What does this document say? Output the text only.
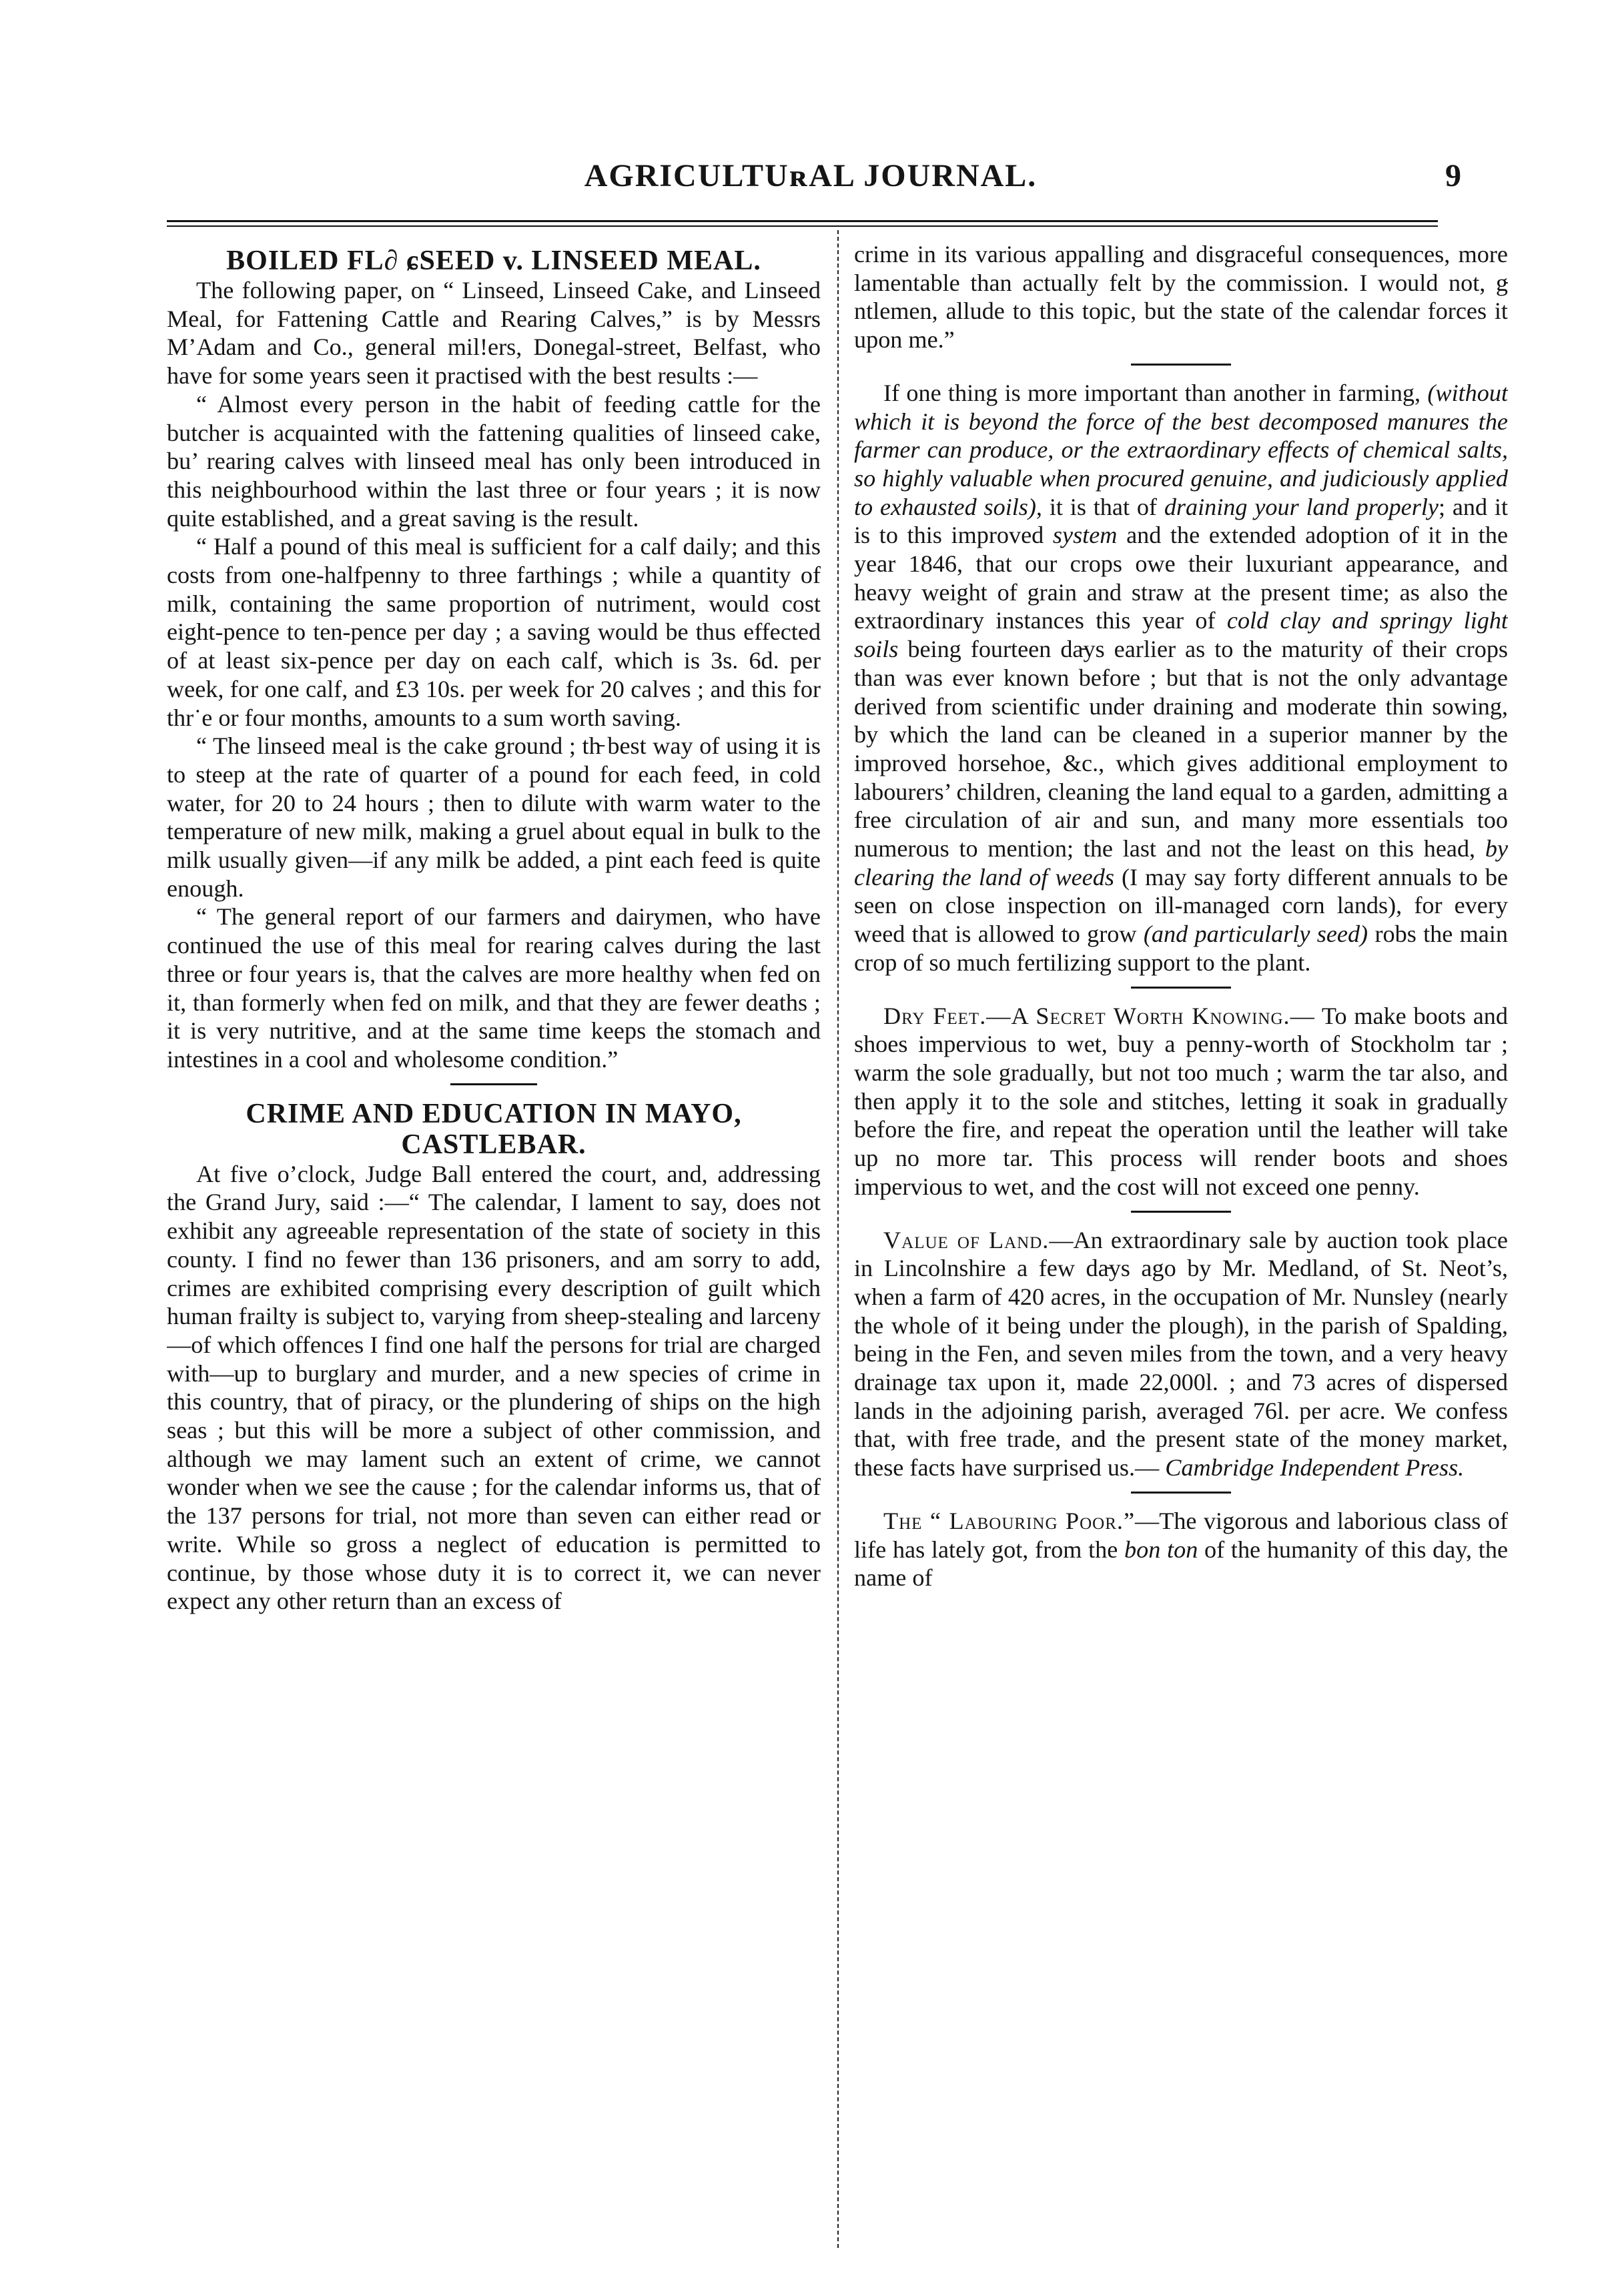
AGRICULTUʀAL JOURNAL.	9
BOILED FL∂ ɕSEED v. LINSEED MEAL.

The following paper, on “ Linseed, Linseed Cake, and Linseed Meal, for Fattening Cattle and Rearing Calves,” is by Messrs M’Adam and Co., general mil!ers, Donegal-street, Belfast, who have for some years seen it practised with the best results :—

“ Almost every person in the habit of feeding cattle for the butcher is acquainted with the fattening qualities of linseed cake, bu’ rearing calves with linseed meal has only been introduced in this neighbourhood within the last three or four years ; it is now quite established, and a great saving is the result.

“ Half a pound of this meal is sufficient for a calf daily; and this costs from one-halfpenny to three farthings ; while a quantity of milk, containing the same proportion of nutriment, would cost eight-pence to ten-pence per day ; a saving would be thus effected of at least six-pence per day on each calf, which is 3s. 6d. per week, for one calf, and £3 10s. per week for 20 calves ; and this for thr˙e or four months, amounts to a sum worth saving.

“ The linseed meal is the cake ground ; th̵ best way of using it is to steep at the rate of quarter of a pound for each feed, in cold water, for 20 to 24 hours ; then to dilute with warm water to the temperature of new milk, making a gruel about equal in bulk to the milk usually given—if any milk be added, a pint each feed is quite enough.

“ The general report of our farmers and dairymen, who have continued the use of this meal for rearing calves during the last three or four years is, that the calves are more healthy when fed on it, than formerly when fed on milk, and that they are fewer deaths ; it is very nutritive, and at the same time keeps the stomach and intestines in a cool and wholesome condition.”

CRIME AND EDUCATION IN MAYO, CASTLEBAR.

At five o’clock, Judge Ball entered the court, and, addressing the Grand Jury, said :—“ The calendar, I lament to say, does not exhibit any agreeable representation of the state of society in this county. I find no fewer than 136 prisoners, and am sorry to add, crimes are exhibited comprising every description of guilt which human frailty is subject to, varying from sheep-stealing and larceny—of which offences I find one half the persons for trial are charged with—up to burglary and murder, and a new species of crime in this country, that of piracy, or the plundering of ships on the high seas ; but this will be more a subject of other commission, and although we may lament such an extent of crime, we cannot wonder when we see the cause ; for the calendar informs us, that of the 137 persons for trial, not more than seven can either read or write. While so gross a neglect of education is permitted to continue, by those whose duty it is to correct it, we can never expect any other return than an excess of

crime in its various appalling and disgraceful consequences, more lamentable than actually felt by the commission. I would not, g̵ ntlemen, allude to this topic, but the state of the calendar forces it upon me.”

If one thing is more important than another in farming, (without which it is beyond the force of the best decomposed manures the farmer can produce, or the extraordinary effects of chemical salts, so highly valuable when procured genuine, and judiciously applied to exhausted soils), it is that of draining your land properly; and it is to this improved system and the extended adoption of it in the year 1846, that our crops owe their luxuriant appearance, and heavy weight of grain and straw at the present time; as also the extraordinary instances this year of cold clay and springy light soils being fourteen da̵ys earlier as to the maturity of their crops than was ever known before ; but that is not the only advantage derived from scientific under draining and moderate thin sowing, by which the land can be cleaned in a superior manner by the improved horsehoe, &c., which gives additional employment to labourers’ children, cleaning the land equal to a garden, admitting a free circulation of air and sun, and many more essentials too numerous to mention; the last and not the least on this head, by clearing the land of weeds (I may say forty different annuals to be seen on close inspection on ill-managed corn lands), for every weed that is allowed to grow (and particularly seed) robs the main crop of so much fertilizing support to the plant.

Dry Feet.—A Secret Worth Knowing.— To make boots and shoes impervious to wet, buy a penny-worth of Stockholm tar ; warm the sole gradually, but not too much ; warm the tar also, and then apply it to the sole and stitches, letting it soak in gradually before the fire, and repeat the operation until the leather will take up no more tar. This process will render boots and shoes impervious to wet, and the cost will not exceed one penny.

Value of Land.—An extraordinary sale by auction took place in Lincolnshire a few da̵ys ago by Mr. Medland, of St. Neot’s, when a farm of 420 acres, in the occupation of Mr. Nunsley (nearly the whole of it being under the plough), in the parish of Spalding, being in the Fen, and seven miles from the town, and a very heavy drainage tax upon it, made 22,000l. ; and 73 acres of dispersed lands in the adjoining parish, averaged 76l. per acre. We confess that, with free trade, and the present state of the money market, these facts have surprised us.— Cambridge Independent Press.

The “ Labouring Poor.”—The vigorous and laborious class of life has lately got, from the bon ton of the humanity of this day, the name of
